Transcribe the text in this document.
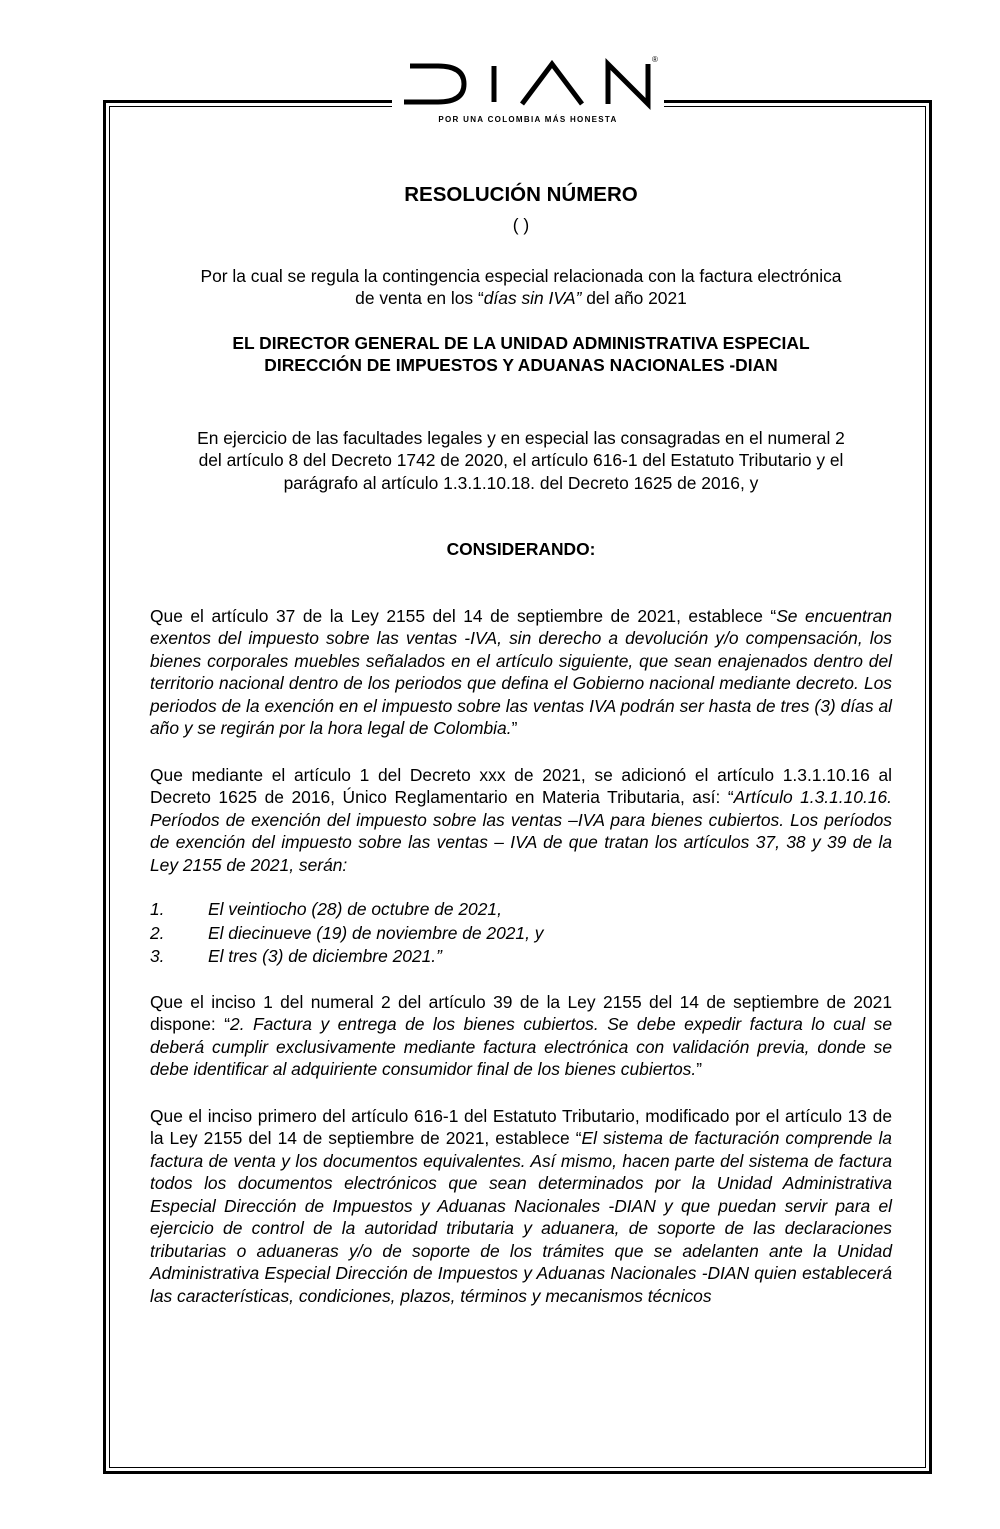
®
POR UNA COLOMBIA MÁS HONESTA
RESOLUCIÓN NÚMERO
( )
Por la cual se regula la contingencia especial relacionada con la factura electrónica
de venta en los “días sin IVA” del año 2021
EL DIRECTOR GENERAL DE LA UNIDAD ADMINISTRATIVA ESPECIAL
DIRECCIÓN DE IMPUESTOS Y ADUANAS NACIONALES -DIAN
En ejercicio de las facultades legales y en especial las consagradas en el numeral 2
del artículo 8 del Decreto 1742 de 2020, el artículo 616-1 del Estatuto Tributario y el
parágrafo al artículo 1.3.1.10.18. del Decreto 1625 de 2016, y
CONSIDERANDO:

Que el artículo 37 de la Ley 2155 del 14 de septiembre de 2021, establece “Se encuentran exentos del impuesto sobre las ventas -IVA, sin derecho a devolución y/o compensación, los bienes corporales muebles señalados en el artículo siguiente, que sean enajenados dentro del territorio nacional dentro de los periodos que defina el Gobierno nacional mediante decreto. Los periodos de la exención en el impuesto sobre las ventas IVA podrán ser hasta de tres (3) días al año y se regirán por la hora legal de Colombia.”

Que mediante el artículo 1 del Decreto xxx de 2021, se adicionó el artículo 1.3.1.10.16 al Decreto 1625 de 2016, Único Reglamentario en Materia Tributaria, así: “Artículo 1.3.1.10.16. Períodos de exención del impuesto sobre las ventas –IVA para bienes cubiertos. Los períodos de exención del impuesto sobre las ventas – IVA de que tratan los artículos 37, 38 y 39 de la Ley 2155 de 2021, serán:

1.	El veintiocho (28) de octubre de 2021,
2.	El diecinueve (19) de noviembre de 2021, y
3.	El tres (3) de diciembre 2021.”

Que el inciso 1 del numeral 2 del artículo 39 de la Ley 2155 del 14 de septiembre de 2021 dispone: “2. Factura y entrega de los bienes cubiertos. Se debe expedir factura lo cual se deberá cumplir exclusivamente mediante factura electrónica con validación previa, donde se debe identificar al adquiriente consumidor final de los bienes cubiertos.”

Que el inciso primero del artículo 616-1 del Estatuto Tributario, modificado por el artículo 13 de la Ley 2155 del 14 de septiembre de 2021, establece “El sistema de facturación comprende la factura de venta y los documentos equivalentes. Así mismo, hacen parte del sistema de factura todos los documentos electrónicos que sean determinados por la Unidad Administrativa Especial Dirección de Impuestos y Aduanas Nacionales -DIAN y que puedan servir para el ejercicio de control de la autoridad tributaria y aduanera, de soporte de las declaraciones tributarias o aduaneras y/o de soporte de los trámites que se adelanten ante la Unidad Administrativa Especial Dirección de Impuestos y Aduanas Nacionales -DIAN quien establecerá las características, condiciones, plazos, términos y mecanismos técnicos
